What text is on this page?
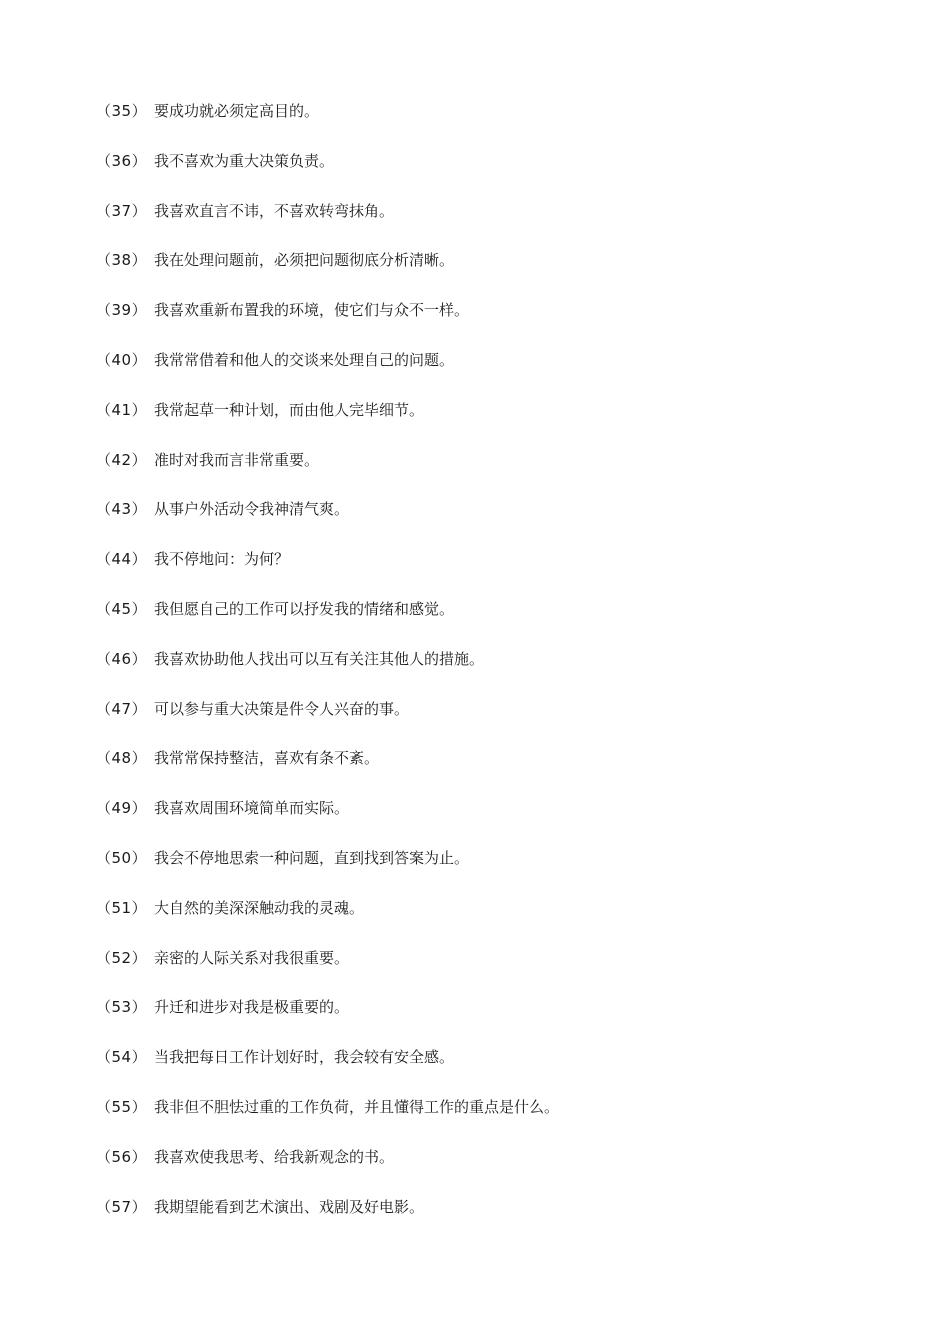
（35） 要成功就必须定高目的。
（36） 我不喜欢为重大决策负责。
（37） 我喜欢直言不讳，不喜欢转弯抹角。
（38） 我在处理问题前，必须把问题彻底分析清晰。
（39） 我喜欢重新布置我的环境，使它们与众不一样。
（40） 我常常借着和他人的交谈来处理自己的问题。
（41） 我常起草一种计划，而由他人完毕细节。
（42） 准时对我而言非常重要。
（43） 从事户外活动令我神清气爽。
（44） 我不停地问：为何？
（45） 我但愿自己的工作可以抒发我的情绪和感觉。
（46） 我喜欢协助他人找出可以互有关注其他人的措施。
（47） 可以参与重大决策是件令人兴奋的事。
（48） 我常常保持整洁，喜欢有条不紊。
（49） 我喜欢周围环境简单而实际。
（50） 我会不停地思索一种问题，直到找到答案为止。
（51） 大自然的美深深触动我的灵魂。
（52） 亲密的人际关系对我很重要。
（53） 升迁和进步对我是极重要的。
（54） 当我把每日工作计划好时，我会较有安全感。
（55） 我非但不胆怯过重的工作负荷，并且懂得工作的重点是什么。
（56） 我喜欢使我思考、给我新观念的书。
（57） 我期望能看到艺术演出、戏剧及好电影。
